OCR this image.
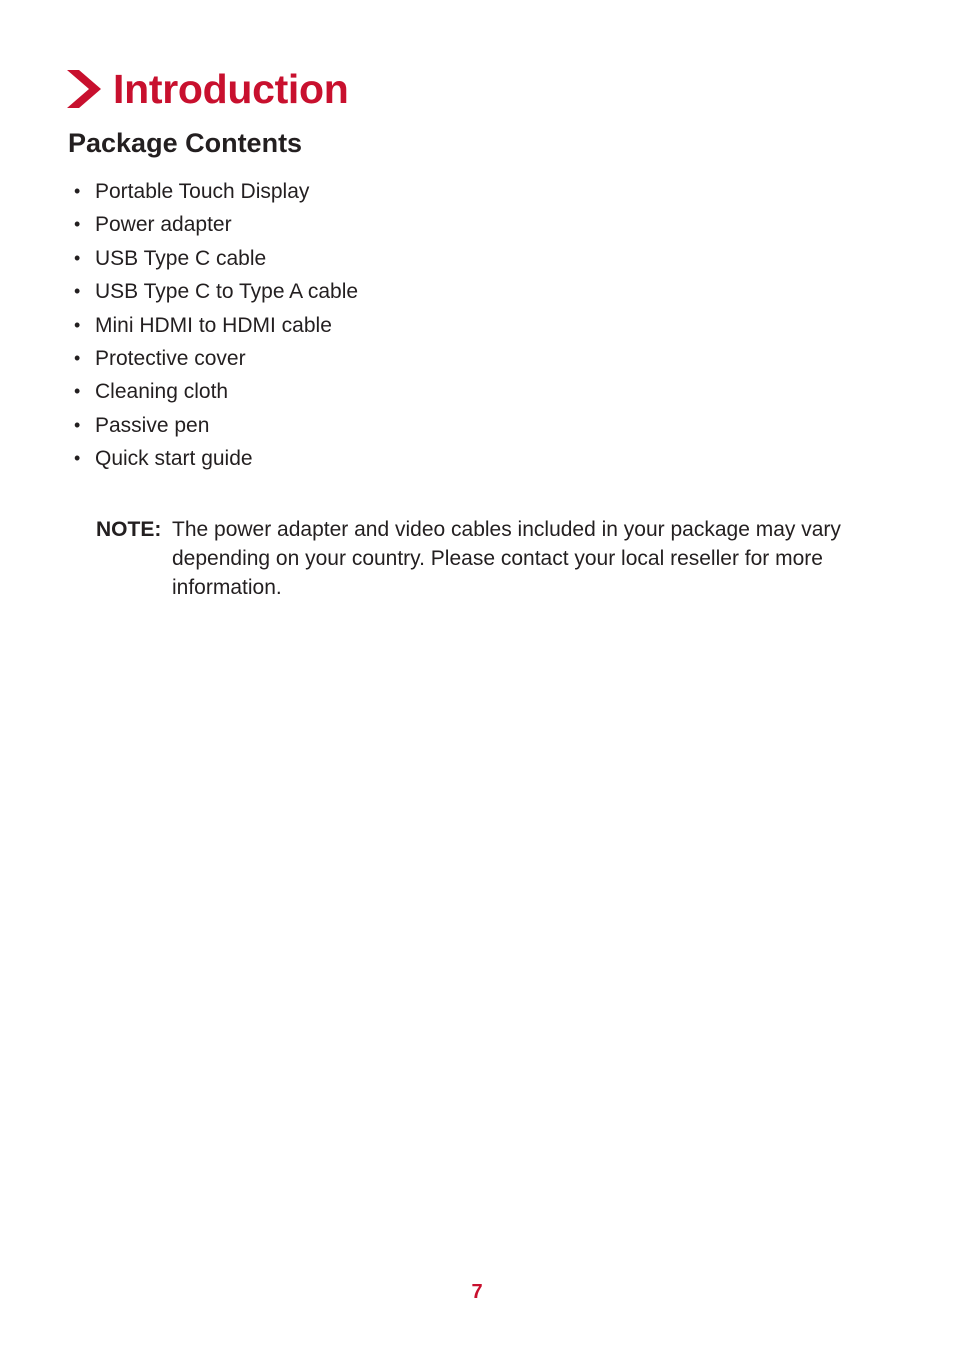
Introduction
Package Contents
• Portable Touch Display
• Power adapter
• USB Type C cable
• USB Type C to Type A cable
• Mini HDMI to HDMI cable
• Protective cover
• Cleaning cloth
• Passive pen
• Quick start guide
NOTE: The power adapter and video cables included in your package may vary depending on your country. Please contact your local reseller for more information.
7
